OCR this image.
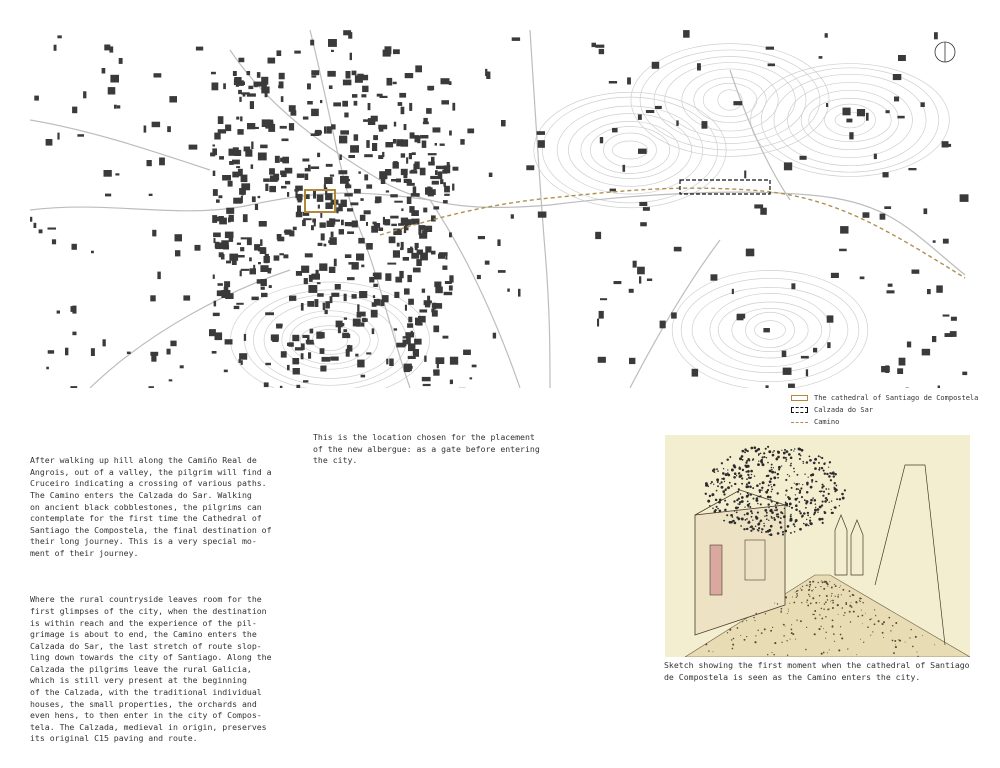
The cathedral of Santiago de Compostela
Calzada do Sar
Camino

After walking up hill along the Camiño Real de
Angrois, out of a valley, the pilgrim will find a
Cruceiro indicating a crossing of various paths.
The Camino enters the Calzada do Sar. Walking
on ancient black cobblestones, the pilgrims can
contemplate for the first time the Cathedral of
Santiago the Compostela, the final destination of
their long journey. This is a very special mo-
ment of their journey.

Where the rural countryside leaves room for the
first glimpses of the city, when the destination
is within reach and the experience of the pil-
grimage is about to end, the Camino enters the
Calzada do Sar, the last stretch of route slop-
ling down towards the city of Santiago. Along the
Calzada the pilgrims leave the rural Galicia,
which is still very present at the beginning
of the Calzada, with the traditional individual
houses, the small properties, the orchards and
even hens, to then enter in the city of Compos-
tela. The Calzada, medieval in origin, preserves
its original C15 paving and route.

This is the location chosen for the placement
of the new albergue: as a gate before entering
the city.
Sketch showing the first moment when the cathedral of Santiago
de Compostela is seen as the Camino enters the city.
